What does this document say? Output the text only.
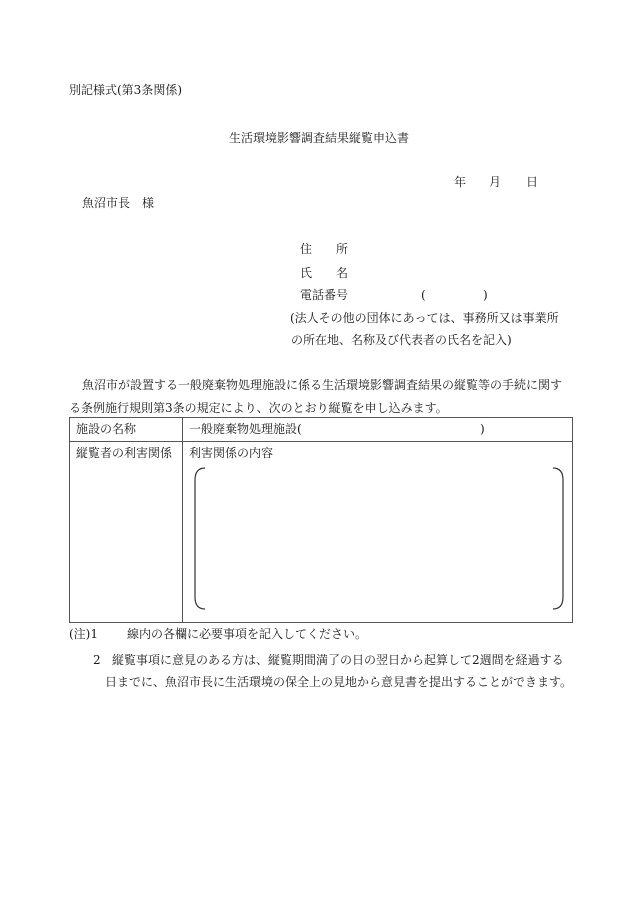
別記様式(第3条関係)
生活環境影響調査結果縦覧申込書
年 月 日
魚沼市長　様
住　　所
氏　　名
電話番号	(	)
(法人その他の団体にあっては、事務所又は事業所
の所在地、名称及び代表者の氏名を記入)
魚沼市が設置する一般廃棄物処理施設に係る生活環境影響調査結果の縦覧等の手続に関す
る条例施行規則第3条の規定により、次のとおり縦覧を申し込みます。
施設の名称	一般廃棄物処理施設( )

縦覧者の利害関係	利害関係の内容
(注)1 線内の各欄に必要事項を記入してください。
2 縦覧事項に意見のある方は、縦覧期間満了の日の翌日から起算して2週間を経過する
日までに、魚沼市長に生活環境の保全上の見地から意見書を提出することができます。
